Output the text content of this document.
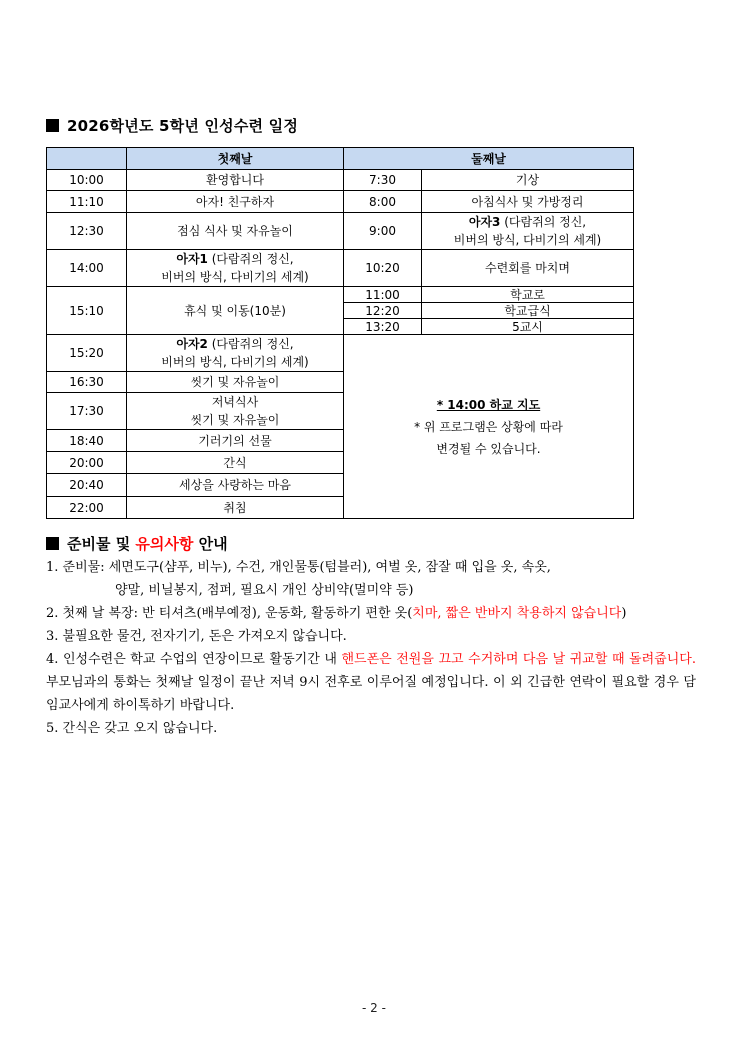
2026학년도 5학년 인성수련 일정
	첫째날	둘째날	
10:00	환영합니다	7:30	기상
11:10	아자! 친구하자	8:00	아침식사 및 가방정리
12:30	점심 식사 및 자유놀이	9:00	아자3 (다람쥐의 정신,
비버의 방식, 다비기의 세계)
14:00	아자1 (다람쥐의 정신,
비버의 방식, 다비기의 세계)	10:20	수련회를 마치며
15:10	휴식 및 이동(10분)	11:00	학교로
		12:20	학교급식
		13:20	5교시
15:20	아자2 (다람쥐의 정신,
비버의 방식, 다비기의 세계)	* 14:00 하교 지도
* 위 프로그램은 상황에 따라
변경될 수 있습니다.	
16:30	씻기 및 자유놀이		
17:30	저녁식사
씻기 및 자유놀이		
18:40	기러기의 선물		
20:00	간식		
20:40	세상을 사랑하는 마음		
22:00	취침		
준비물 및 유의사항 안내

1. 준비물: 세면도구(샴푸, 비누), 수건, 개인물통(텀블러), 여벌 옷, 잠잘 때 입을 옷, 속옷,

양말, 비닐봉지, 점퍼, 필요시 개인 상비약(멀미약 등)

2. 첫째 날 복장: 반 티셔츠(배부예정), 운동화, 활동하기 편한 옷(치마, 짧은 반바지 착용하지 않습니다)

3. 불필요한 물건, 전자기기, 돈은 가져오지 않습니다.

4. 인성수련은 학교 수업의 연장이므로 활동기간 내 핸드폰은 전원을 끄고 수거하며 다음 날 귀교할 때 돌려줍니다. 부모님과의 통화는 첫째날 일정이 끝난 저녁 9시 전후로 이루어질 예정입니다. 이 외 긴급한 연락이 필요할 경우 담임교사에게 하이톡하기 바랍니다.

5. 간식은 갖고 오지 않습니다.

- 2 -
